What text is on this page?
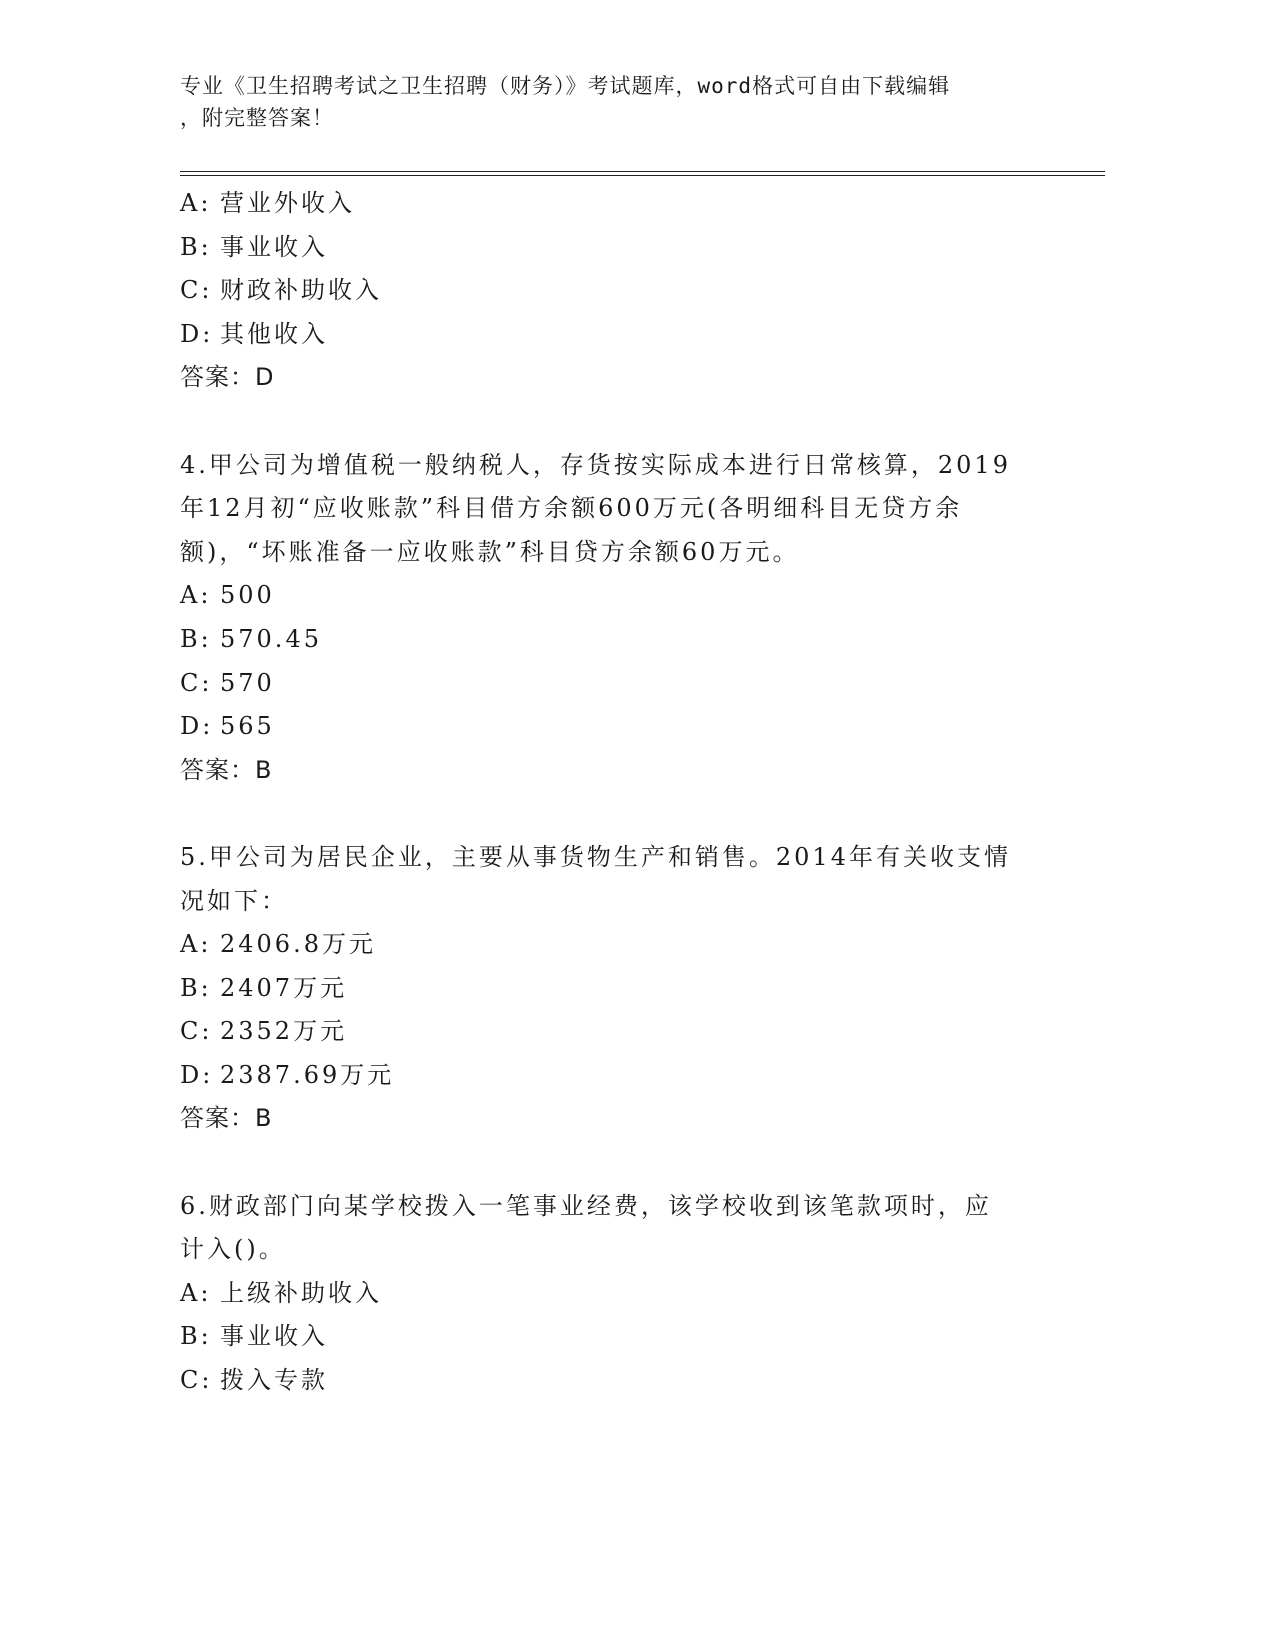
专业《卫生招聘考试之卫生招聘（财务）》考试题库，word格式可自由下载编辑
，附完整答案！
A: 营业外收入
B: 事业收入
C: 财政补助收入
D: 其他收入
答案：D
4.甲公司为增值税一般纳税人，存货按实际成本进行日常核算，2019
年12月初“应收账款”科目借方余额600万元(各明细科目无贷方余
额)，“坏账准备一应收账款”科目贷方余额60万元。
A: 500
B: 570.45
C: 570
D: 565
答案：B
5.甲公司为居民企业，主要从事货物生产和销售。2014年有关收支情
况如下：
A: 2406.8万元
B: 2407万元
C: 2352万元
D: 2387.69万元
答案：B
6.财政部门向某学校拨入一笔事业经费，该学校收到该笔款项时，应
计入()。
A: 上级补助收入
B: 事业收入
C: 拨入专款
